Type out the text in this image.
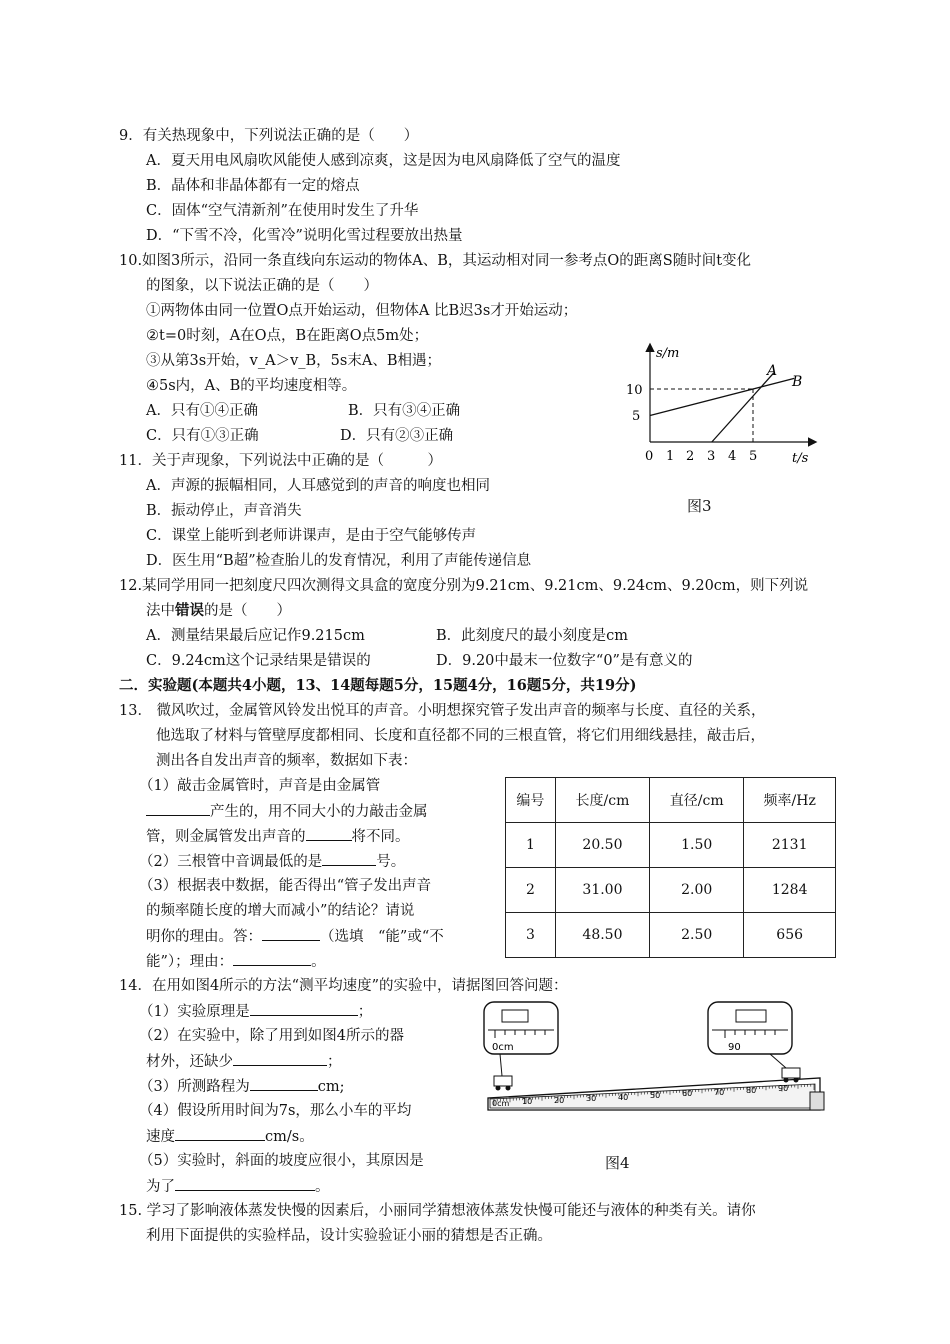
9．有关热现象中，下列说法正确的是（　　）
A．夏天用电风扇吹风能使人感到凉爽，这是因为电风扇降低了空气的温度
B．晶体和非晶体都有一定的熔点
C．固体“空气清新剂”在使用时发生了升华
D．“下雪不冷，化雪冷”说明化雪过程要放出热量
10.如图3所示，沿同一条直线向东运动的物体A、B，其运动相对同一参考点O的距离S随时间t变化
的图象，以下说法正确的是（　　）
①两物体由同一位置O点开始运动，但物体A 比B迟3s才开始运动；
②t=0时刻，A在O点，B在距离O点5m处；
③从第3s开始，v_A＞v_B，5s末A、B相遇；
④5s内，A、B的平均速度相等。
A．只有①④正确	B．只有③④正确
C．只有①③正确	D．只有②③正确
s/m
t/s
5
10
0 1 2 3 4 5
A
B
图3
11．关于声现象，下列说法中正确的是（　　　）
A．声源的振幅相同，人耳感觉到的声音的响度也相同
B．振动停止，声音消失
C．课堂上能听到老师讲课声，是由于空气能够传声
D．医生用“B超”检查胎儿的发育情况，利用了声能传递信息
12.某同学用同一把刻度尺四次测得文具盒的宽度分别为9.21cm、9.21cm、9.24cm、9.20cm，则下列说
法中错误的是（　　）
A．测量结果最后应记作9.215cm	B．此刻度尺的最小刻度是cm
C．9.24cm这个记录结果是错误的	D．9.20中最末一位数字“0”是有意义的
二．实验题(本题共4小题，13、14题每题5分，15题4分，16题5分，共19分)
13． 微风吹过，金属管风铃发出悦耳的声音。小明想探究管子发出声音的频率与长度、直径的关系，
他选取了材料与管壁厚度都相同、长度和直径都不同的三根直管，将它们用细线悬挂，敲击后，
测出各自发出声音的频率，数据如下表：
（1）敲击金属管时，声音是由金属管
产生的，用不同大小的力敲击金属
管，则金属管发出声音的	将不同。
（2）三根管中音调最低的是	号。
（3）根据表中数据，能否得出“管子发出声音
的频率随长度的增大而减小”的结论？请说
明你的理由。答：	（选填　“能”或“不
能”）；理由：	。
编号	长度/cm	直径/cm	频率/Hz
1	20.50	1.50	2131
2	31.00	2.00	1284
3	48.50	2.50	656
14．在用如图4所示的方法“测平均速度”的实验中，请据图回答问题：
（1）实验原理是	；
（2）在实验中，除了用到如图4所示的器
材外，还缺少	；
（3）所测路程为	cm;
（4）假设所用时间为7s，那么小车的平均
速度	cm/s。
（5）实验时，斜面的坡度应很小，其原因是
为了	。
0cm	90
0cm 10	20	30	40	50	60	70	80	90
图4
15. 学习了影响液体蒸发快慢的因素后，小丽同学猜想液体蒸发快慢可能还与液体的种类有关。请你
利用下面提供的实验样品，设计实验验证小丽的猜想是否正确。
